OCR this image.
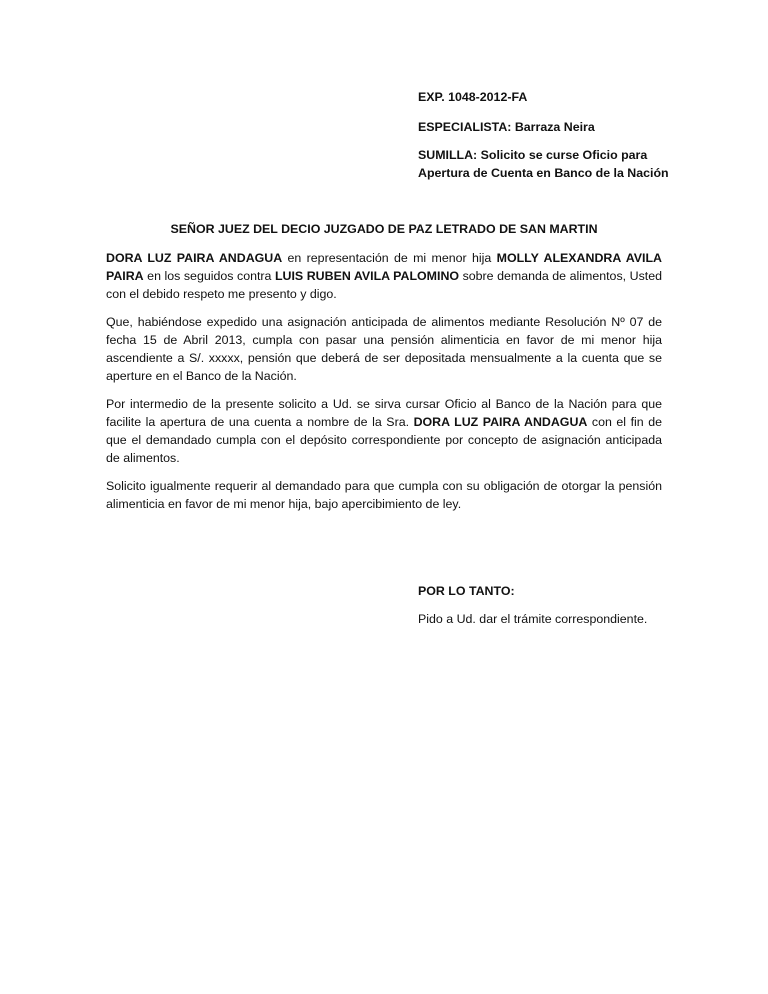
EXP. 1048-2012-FA
ESPECIALISTA: Barraza Neira
SUMILLA: Solicito se curse Oficio para
Apertura de Cuenta en Banco de la Nación
SEÑOR JUEZ DEL DECIO JUZGADO DE PAZ LETRADO DE SAN MARTIN

DORA LUZ PAIRA ANDAGUA en representación de mi menor hija MOLLY ALEXANDRA AVILA PAIRA en los seguidos contra LUIS RUBEN AVILA PALOMINO sobre demanda de alimentos, Usted con el debido respeto me presento y digo.

Que, habiéndose expedido una asignación anticipada de alimentos mediante Resolución Nº 07 de fecha 15 de Abril 2013, cumpla con pasar una pensión alimenticia en favor de mi menor hija ascendiente a S/. xxxxx, pensión que deberá de ser depositada mensualmente a la cuenta que se aperture en el Banco de la Nación.

Por intermedio de la presente solicito a Ud. se sirva cursar Oficio al Banco de la Nación para que facilite la apertura de una cuenta a nombre de la Sra. DORA LUZ PAIRA ANDAGUA con el fin de que el demandado cumpla con el depósito correspondiente por concepto de asignación anticipada de alimentos.

Solicito igualmente requerir al demandado para que cumpla con su obligación de otorgar la pensión alimenticia en favor de mi menor hija, bajo apercibimiento de ley.

POR LO TANTO:
Pido a Ud. dar el trámite correspondiente.
